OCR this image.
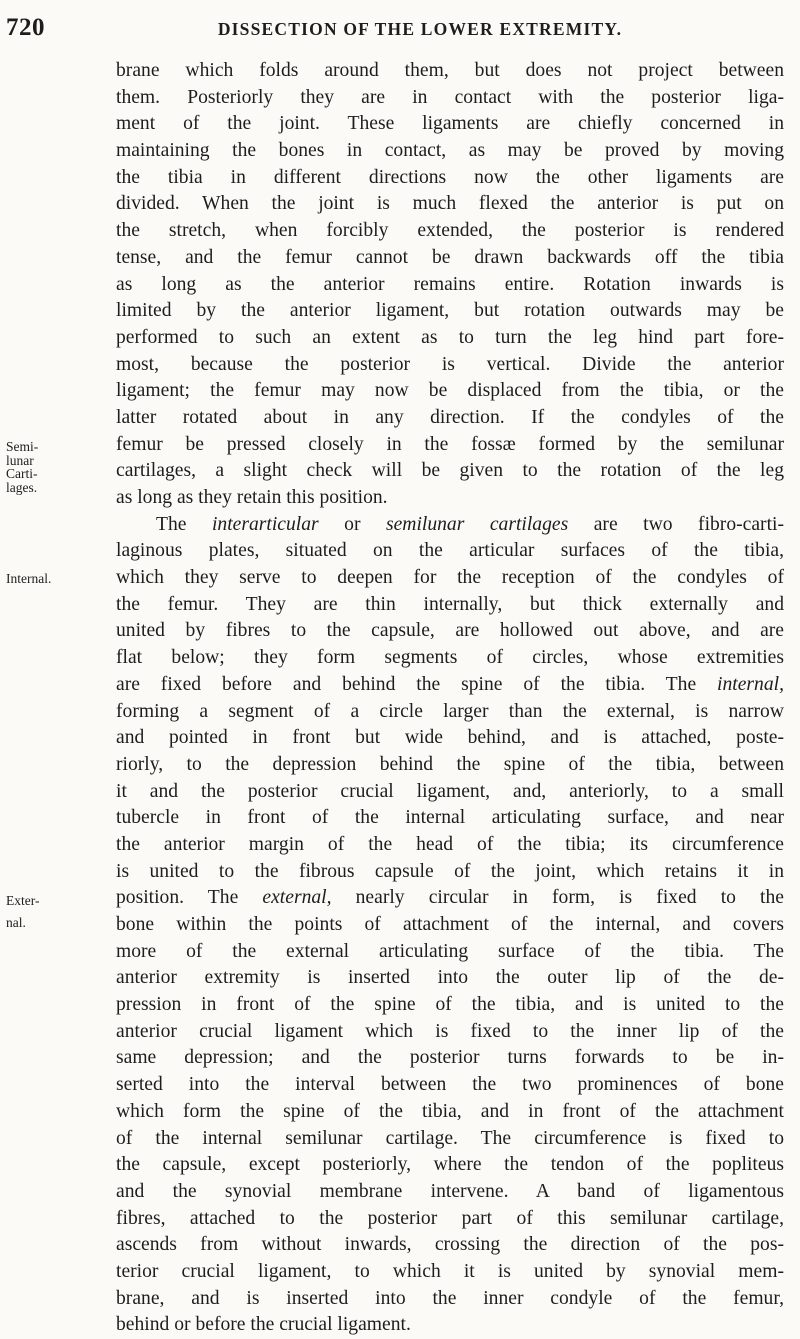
720	DISSECTION OF THE LOWER EXTREMITY.
Semi-
lunar
Carti-
lages.
Internal.
Exter-
nal.
brane which folds around them, but does not project between
them. Posteriorly they are in contact with the posterior liga-
ment of the joint. These ligaments are chiefly concerned in
maintaining the bones in contact, as may be proved by moving
the tibia in different directions now the other ligaments are
divided. When the joint is much flexed the anterior is put on
the stretch, when forcibly extended, the posterior is rendered
tense, and the femur cannot be drawn backwards off the tibia
as long as the anterior remains entire. Rotation inwards is
limited by the anterior ligament, but rotation outwards may be
performed to such an extent as to turn the leg hind part fore-
most, because the posterior is vertical. Divide the anterior
ligament; the femur may now be displaced from the tibia, or the
latter rotated about in any direction. If the condyles of the
femur be pressed closely in the fossæ formed by the semilunar
cartilages, a slight check will be given to the rotation of the leg
as long as they retain this position.
The interarticular or semilunar cartilages are two fibro-carti-
laginous plates, situated on the articular surfaces of the tibia,
which they serve to deepen for the reception of the condyles of
the femur. They are thin internally, but thick externally and
united by fibres to the capsule, are hollowed out above, and are
flat below; they form segments of circles, whose extremities
are fixed before and behind the spine of the tibia. The internal,
forming a segment of a circle larger than the external, is narrow
and pointed in front but wide behind, and is attached, poste-
riorly, to the depression behind the spine of the tibia, between
it and the posterior crucial ligament, and, anteriorly, to a small
tubercle in front of the internal articulating surface, and near
the anterior margin of the head of the tibia; its circumference
is united to the fibrous capsule of the joint, which retains it in
position. The external, nearly circular in form, is fixed to the
bone within the points of attachment of the internal, and covers
more of the external articulating surface of the tibia. The
anterior extremity is inserted into the outer lip of the de-
pression in front of the spine of the tibia, and is united to the
anterior crucial ligament which is fixed to the inner lip of the
same depression; and the posterior turns forwards to be in-
serted into the interval between the two prominences of bone
which form the spine of the tibia, and in front of the attachment
of the internal semilunar cartilage. The circumference is fixed to
the capsule, except posteriorly, where the tendon of the popliteus
and the synovial membrane intervene. A band of ligamentous
fibres, attached to the posterior part of this semilunar cartilage,
ascends from without inwards, crossing the direction of the pos-
terior crucial ligament, to which it is united by synovial mem-
brane, and is inserted into the inner condyle of the femur,
behind or before the crucial ligament.
